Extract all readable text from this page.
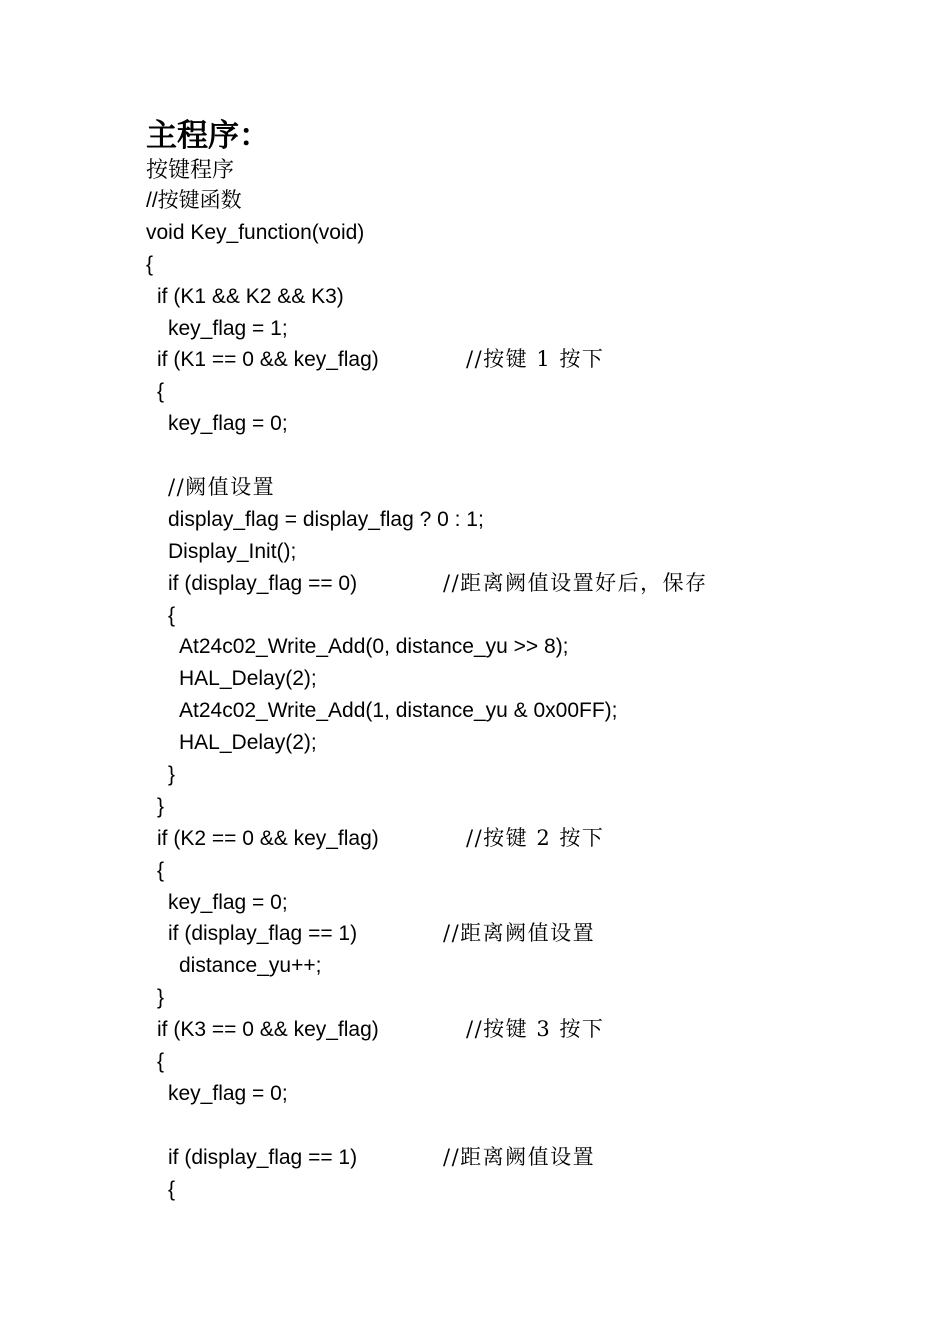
主程序：
按键程序
//按键函数
void Key_function(void)
{
if (K1 && K2 && K3)
key_flag = 1;
if (K1 == 0 && key_flag)	//按键 1 按下
{
key_flag = 0;
//阙值设置
display_flag = display_flag ? 0 : 1;
Display_Init();
if (display_flag == 0)	//距离阙值设置好后，保存
{
At24c02_Write_Add(0, distance_yu >> 8);
HAL_Delay(2);
At24c02_Write_Add(1, distance_yu & 0x00FF);
HAL_Delay(2);
}
}
if (K2 == 0 && key_flag)	//按键 2 按下
{
key_flag = 0;
if (display_flag == 1)	//距离阙值设置
distance_yu++;
}
if (K3 == 0 && key_flag)	//按键 3 按下
{
key_flag = 0;
if (display_flag == 1)	//距离阙值设置
{
